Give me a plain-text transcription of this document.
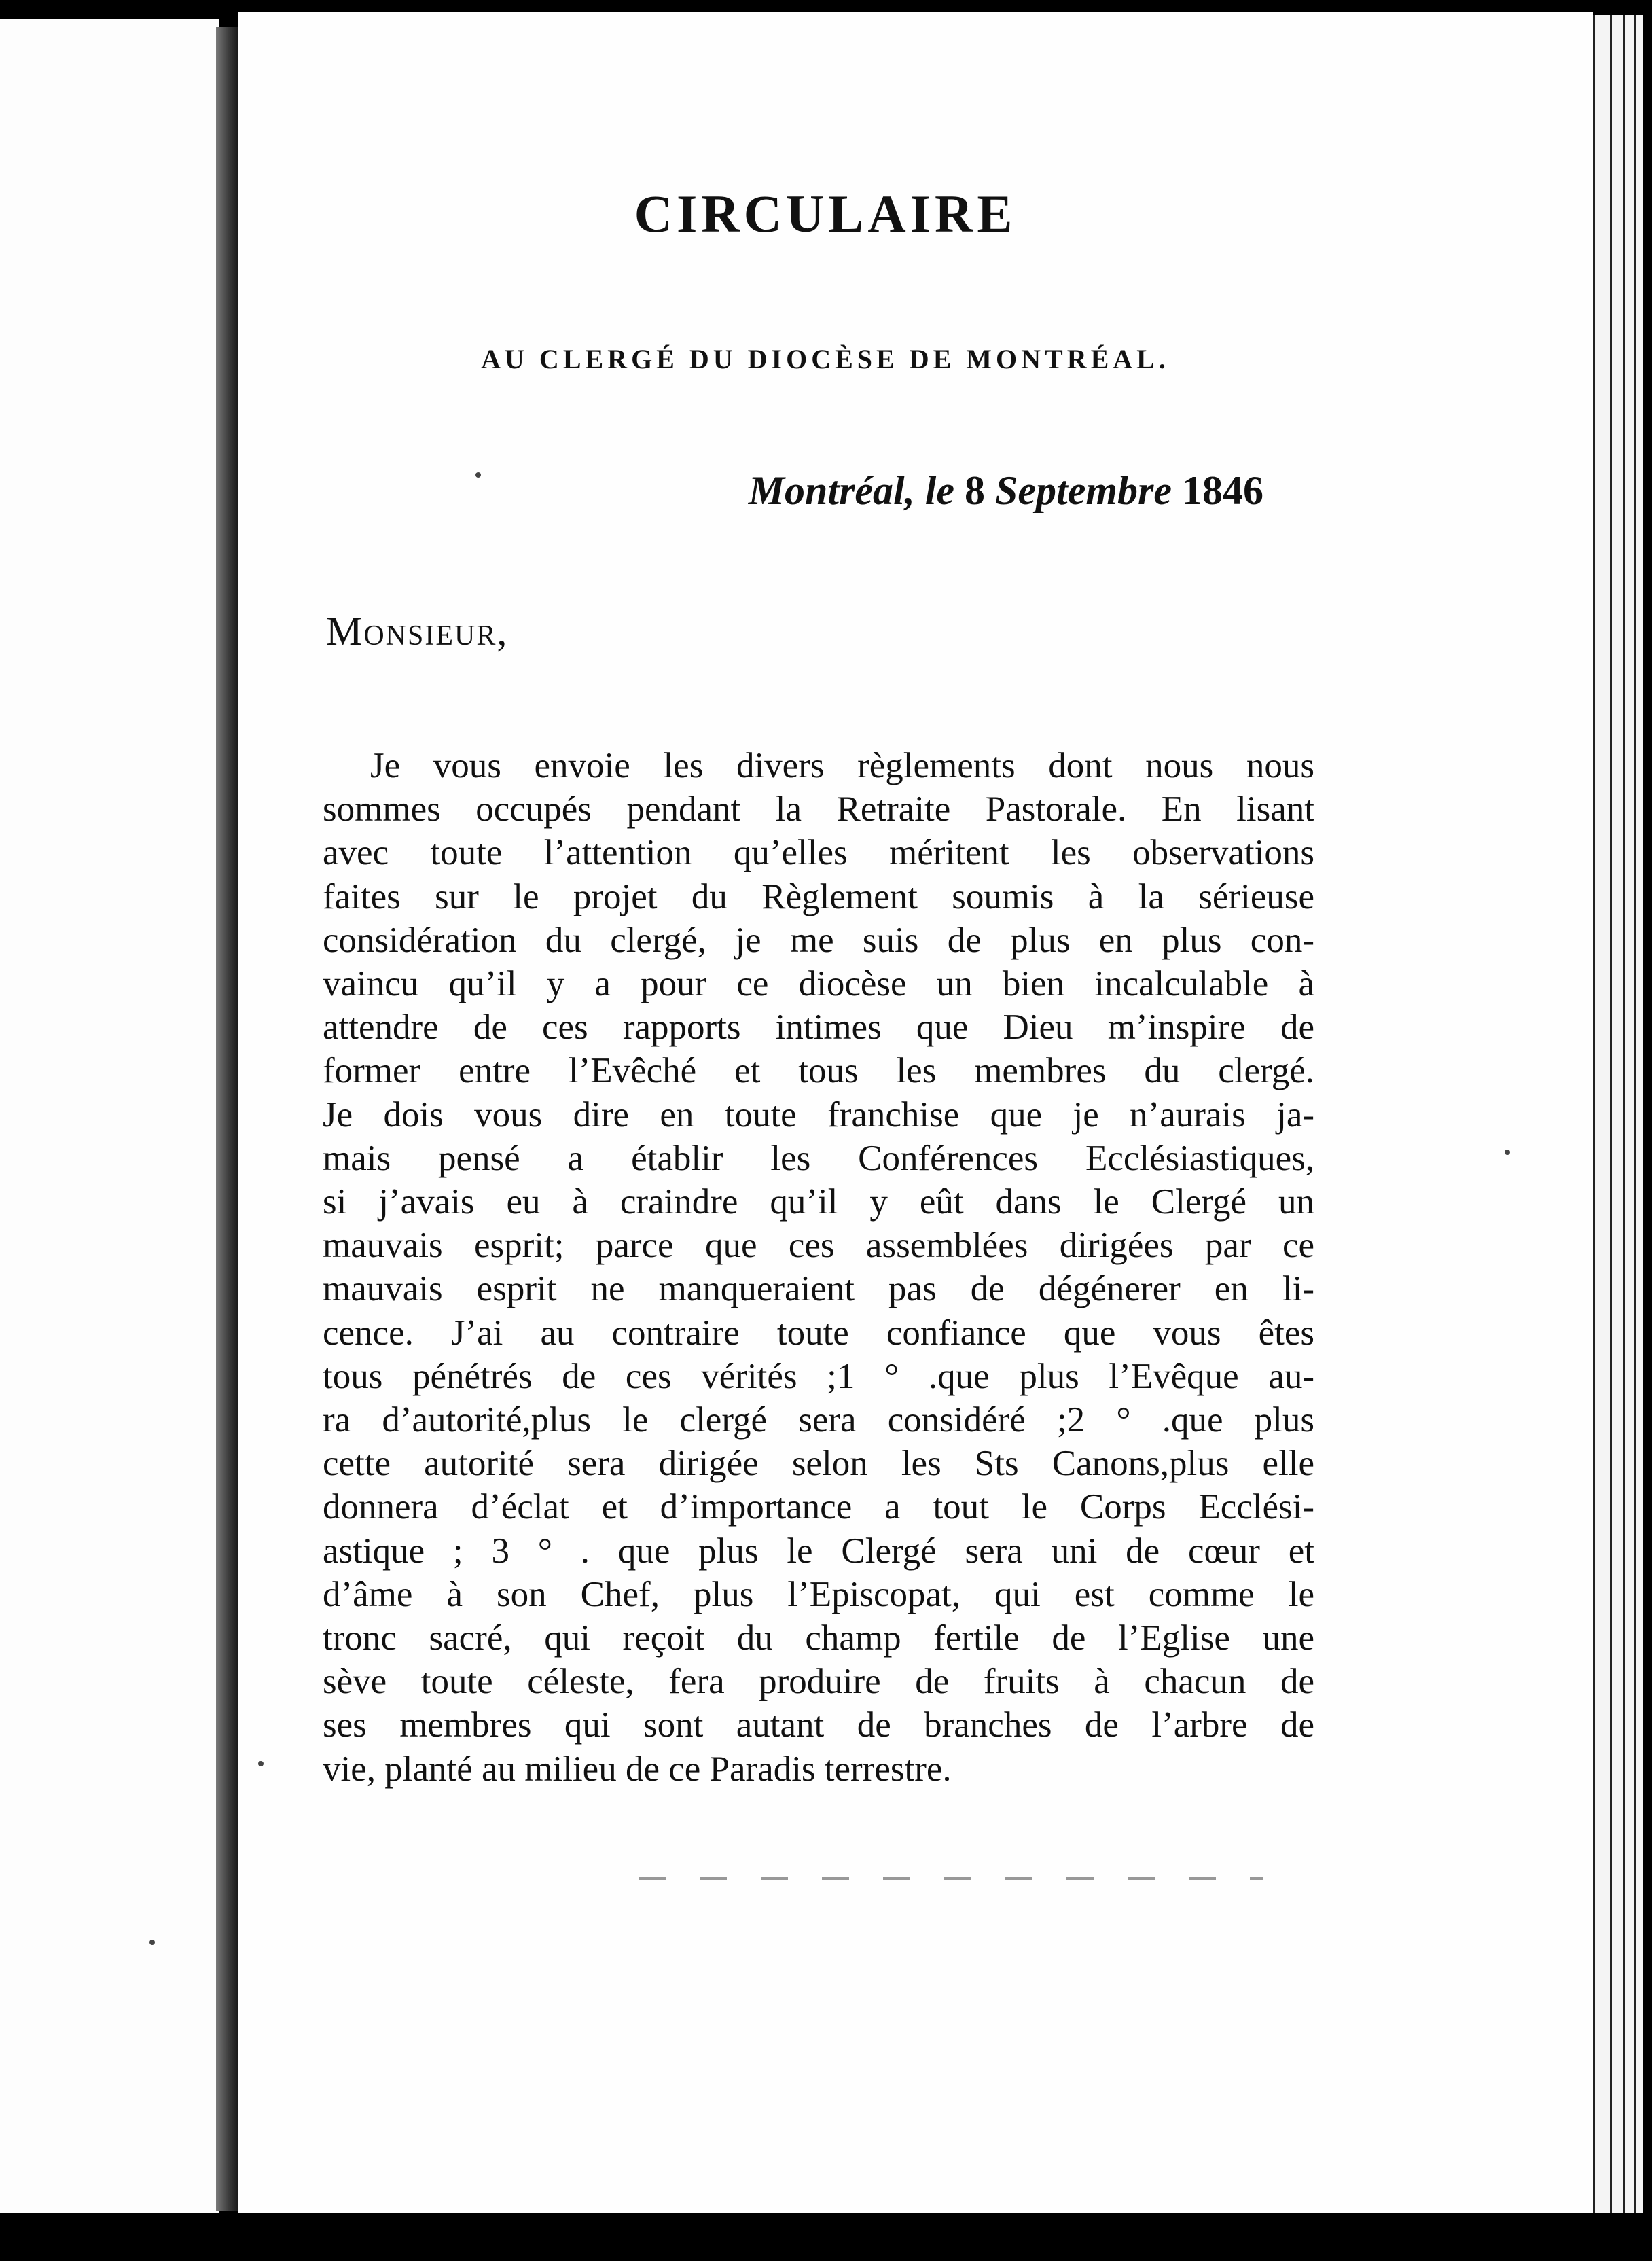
CIRCULAIRE
AU CLERGÉ DU DIOCÈSE DE MONTRÉAL.
Montréal, le 8 Septembre 1846
Monsieur,
Je vous envoie les divers règlements dont nous nous
sommes occupés pendant la Retraite Pastorale. En lisant
avec toute l’attention qu’elles méritent les observations
faites sur le projet du Règlement soumis à la sérieuse
considération du clergé, je me suis de plus en plus con-
vaincu qu’il y a pour ce diocèse un bien incalculable à
attendre de ces rapports intimes que Dieu m’inspire de
former entre l’Evêché et tous les membres du clergé.
Je dois vous dire en toute franchise que je n’aurais ja-
mais pensé a établir les Conférences Ecclésiastiques,
si j’avais eu à craindre qu’il y eût dans le Clergé un
mauvais esprit; parce que ces assemblées dirigées par ce
mauvais esprit ne manqueraient pas de dégénerer en li-
cence. J’ai au contraire toute confiance que vous êtes
tous pénétrés de ces vérités ;1 ° .que plus l’Evêque au-
ra d’autorité,plus le clergé sera considéré ;2 ° .que plus
cette autorité sera dirigée selon les Sts Canons,plus elle
donnera d’éclat et d’importance a tout le Corps Ecclési-
astique ; 3 ° . que plus le Clergé sera uni de cœur et
d’âme à son Chef, plus l’Episcopat, qui est comme le
tronc sacré, qui reçoit du champ fertile de l’Eglise une
sève toute céleste, fera produire de fruits à chacun de
ses membres qui sont autant de branches de l’arbre de
vie, planté au milieu de ce Paradis terrestre.
